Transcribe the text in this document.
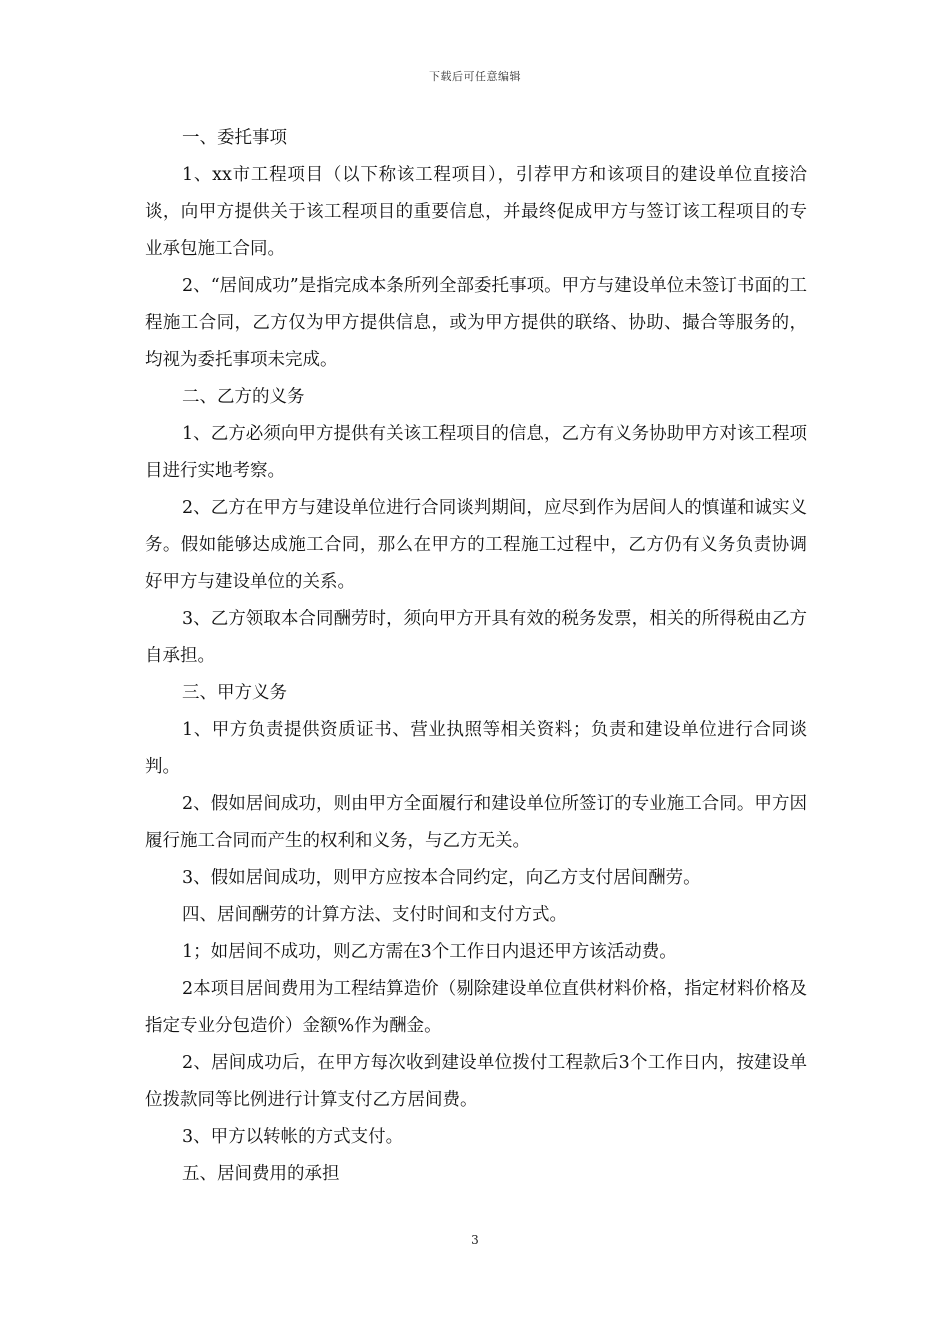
下载后可任意编辑

一、委托事项

1、xx市工程项目（以下称该工程项目），引荐甲方和该项目的建设单位直接洽谈，向甲方提供关于该工程项目的重要信息，并最终促成甲方与签订该工程项目的专业承包施工合同。

2、“居间成功”是指完成本条所列全部委托事项。甲方与建设单位未签订书面的工程施工合同，乙方仅为甲方提供信息，或为甲方提供的联络、协助、撮合等服务的，均视为委托事项未完成。

二、乙方的义务

1、乙方必须向甲方提供有关该工程项目的信息，乙方有义务协助甲方对该工程项目进行实地考察。

2、乙方在甲方与建设单位进行合同谈判期间，应尽到作为居间人的慎谨和诚实义务。假如能够达成施工合同，那么在甲方的工程施工过程中，乙方仍有义务负责协调好甲方与建设单位的关系。

3、乙方领取本合同酬劳时，须向甲方开具有效的税务发票，相关的所得税由乙方自承担。

三、甲方义务

1、甲方负责提供资质证书、营业执照等相关资料；负责和建设单位进行合同谈判。

2、假如居间成功，则由甲方全面履行和建设单位所签订的专业施工合同。甲方因履行施工合同而产生的权利和义务，与乙方无关。

3、假如居间成功，则甲方应按本合同约定，向乙方支付居间酬劳。

四、居间酬劳的计算方法、支付时间和支付方式。

1；如居间不成功，则乙方需在3个工作日内退还甲方该活动费。

2本项目居间费用为工程结算造价（剔除建设单位直供材料价格，指定材料价格及指定专业分包造价）金额%作为酬金。

2、居间成功后，在甲方每次收到建设单位拨付工程款后3个工作日内，按建设单位拨款同等比例进行计算支付乙方居间费。

3、甲方以转帐的方式支付。

五、居间费用的承担

3
